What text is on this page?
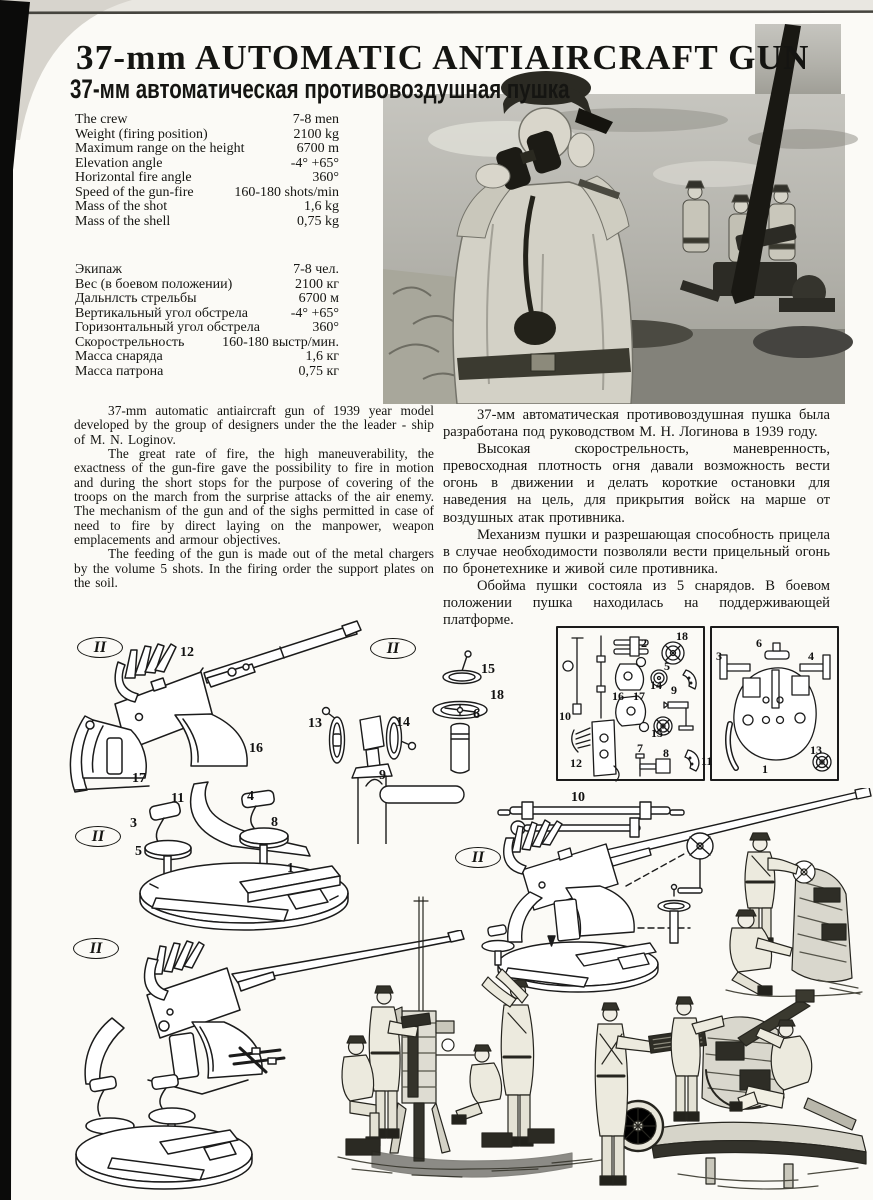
37-mm AUTOMATIC ANTIAIRCRAFT GUN
37-мм автоматическая противовоздушная пушка
The crew	7-8 men
Weight (firing position)	2100 kg
Maximum range on the height	6700 m
Elevation angle	-4° +65°
Horizontal fire angle	360°
Speed of the gun-fire	160-180 shots/min
Mass of the shot	1,6 kg
Mass of the shell	0,75 kg
Экипаж	7-8 чел.
Вес (в боевом положении)	2100 кг
Дальнлсть стрельбы	6700 м
Вертикальный угол обстрела	-4° +65°
Горизонтальный угол обстрела	360°
Скорострельность	160-180 выстр/мин.
Масса снаряда	1,6 кг
Масса патрона	0,75 кг

37-mm automatic antiaircraft gun of 1939 year model developed by the group of designers under the the leader - ship of M. N. Loginov.

The great rate of fire, the high maneuverability, the exactness of the gun-fire gave the possibility to fire in motion and during the short stops for the purpose of covering of the troops on the march from the surprise attacks of the air enemy. The mechanism of the gun and of the sighs permitted in case of need to fire by direct laying on the manpower, weapon emplacements and armour objectives.

The feeding of the gun is made out of the metal chargers by the volume 5 shots. In the firing order the support plates on the soil.

37-мм автоматическая противовоздушная пушка была разработана под руководством М. Н. Логинова в 1939 году.

Высокая скорострельность, маневренность, превосходная плотность огня давали возможность вести огонь в движении и делать короткие остановки для наведения на цель, для прикрытия войск на марше от воздушных атак противника.

Механизм пушки и разрешающая способность прицела в случае необходимости позволяли вести прицельный огонь по бронетехнике и живой силе противника.

Обойма пушки состояла из 5 снарядов. В боевом положении пушка находилась на поддерживающей платформе.

II	II
II
II
II
12
16
17
15
18
6
13	14
9
2 18
5
14
16 17 9
10
15
7 8
12
6
3	4
11
1
13
11
3
5
4
8
1
10
